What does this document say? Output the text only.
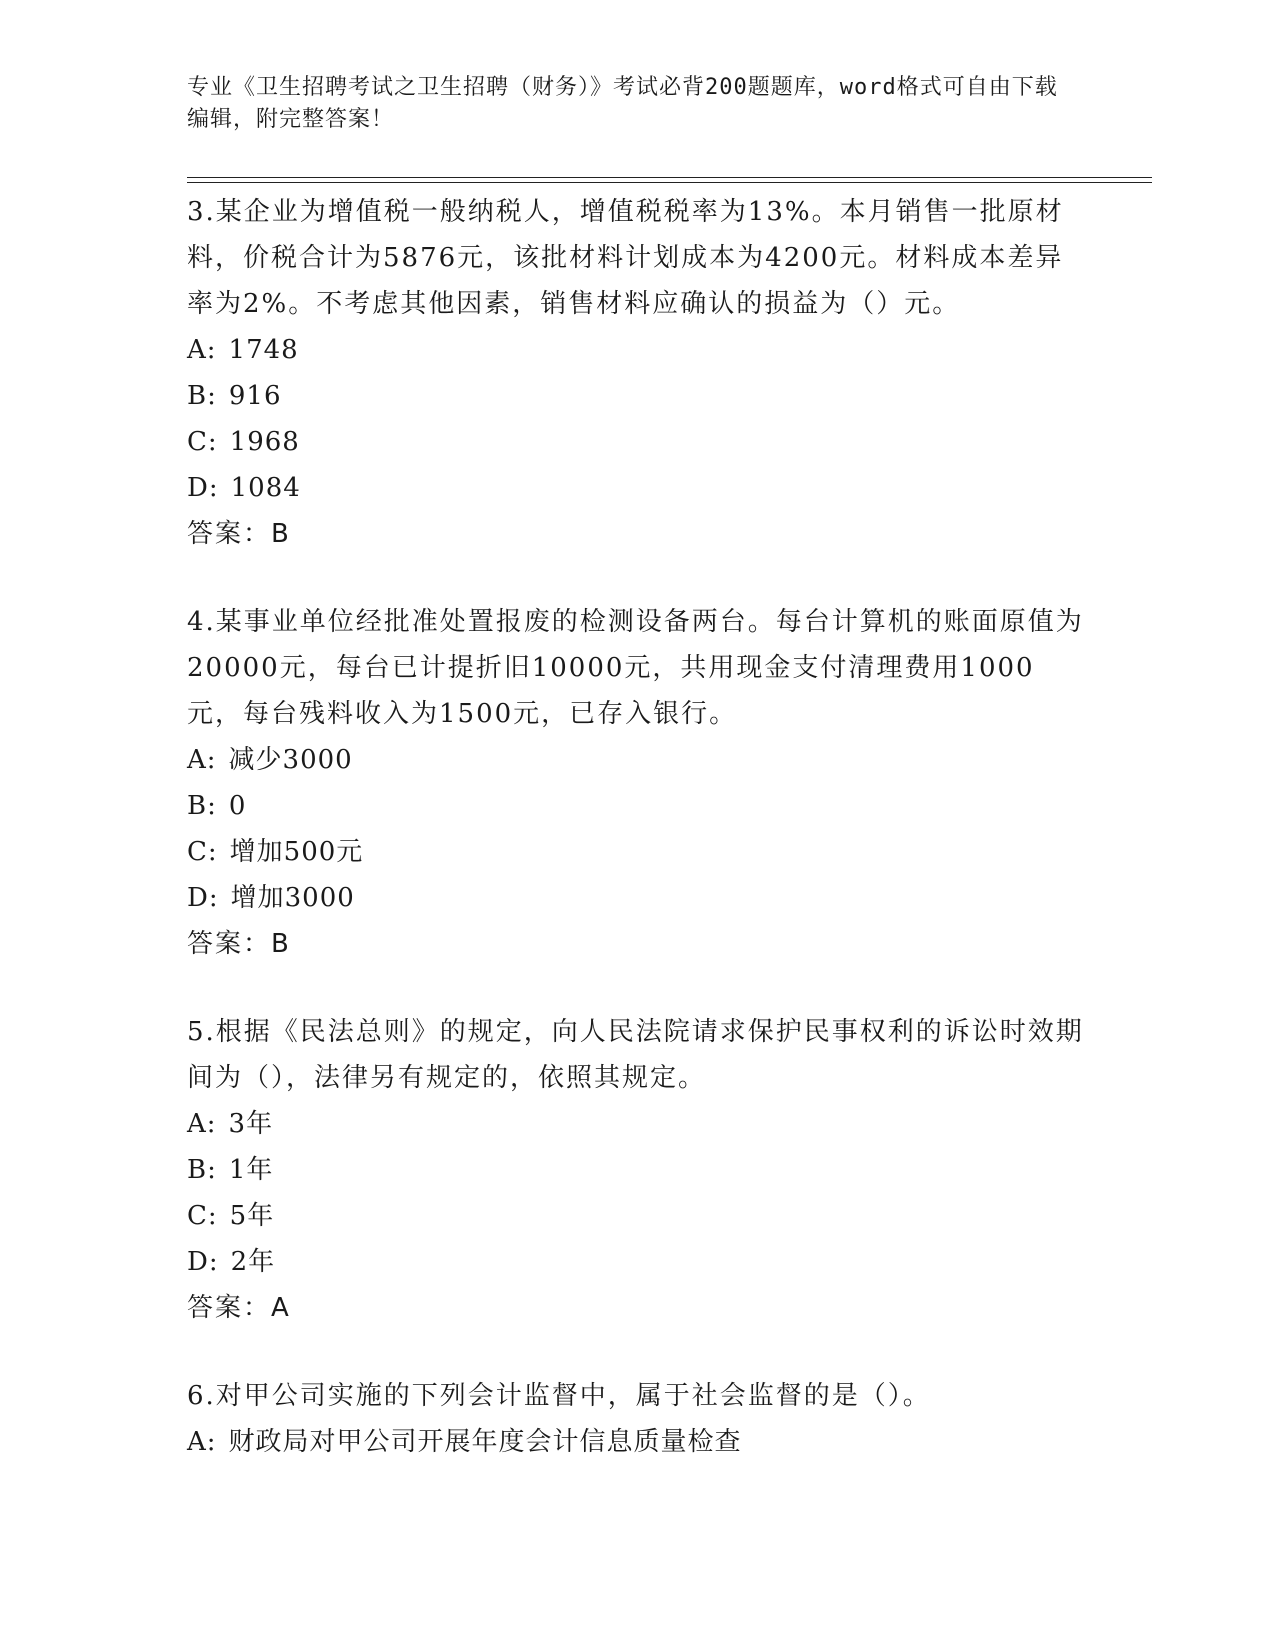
专业《卫生招聘考试之卫生招聘（财务）》考试必背200题题库，word格式可自由下载编辑，附完整答案！

3.某企业为增值税一般纳税人，增值税税率为13%。本月销售一批原材料，价税合计为5876元，该批材料计划成本为4200元。材料成本差异率为2%。不考虑其他因素，销售材料应确认的损益为（）元。

A: 1748

B: 916

C: 1968

D: 1084

答案：B

4.某事业单位经批准处置报废的检测设备两台。每台计算机的账面原值为20000元，每台已计提折旧10000元，共用现金支付清理费用1000元，每台残料收入为1500元，已存入银行。

A: 减少3000

B: 0

C: 增加500元

D: 增加3000

答案：B

5.根据《民法总则》的规定，向人民法院请求保护民事权利的诉讼时效期间为（），法律另有规定的，依照其规定。

A: 3年

B: 1年

C: 5年

D: 2年

答案：A

6.对甲公司实施的下列会计监督中，属于社会监督的是（）。

A: 财政局对甲公司开展年度会计信息质量检查
